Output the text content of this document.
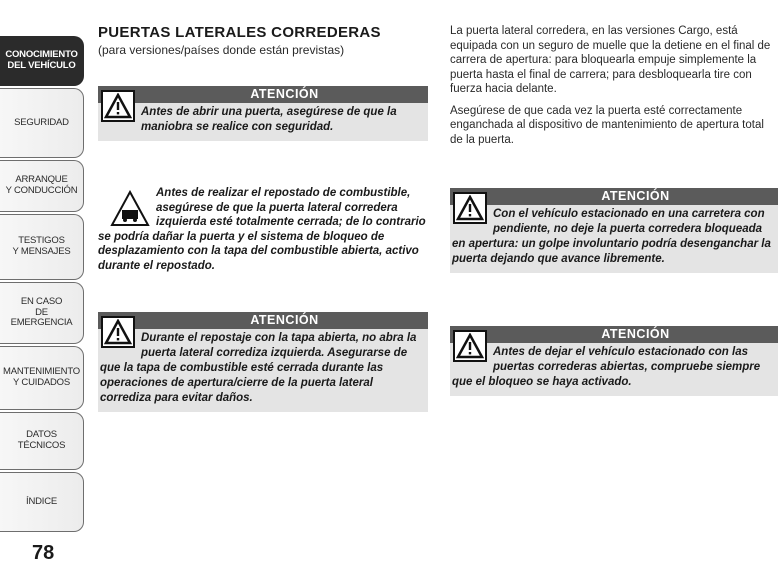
CONOCIMIENTO
DEL VEHÍCULO
SEGURIDAD
ARRANQUE
Y CONDUCCIÓN
TESTIGOS
Y MENSAJES
EN CASO
DE EMERGENCIA
MANTENIMIENTO
Y CUIDADOS
DATOS TÉCNICOS
ÍNDICE
78
PUERTAS LATERALES CORREDERAS
(para versiones/países donde están previstas)
ATENCIÓN

Antes de abrir una puerta, asegúrese de que la maniobra se realice con seguridad.

Antes de realizar el repostado de combustible, asegúrese de que la puerta lateral corredera izquierda esté totalmente cerrada; de lo contrario se podría dañar la puerta y el sistema de bloqueo de desplazamiento con la tapa del combustible abierta, activo durante el repostado.
ATENCIÓN

Durante el repostaje con la tapa abierta, no abra la puerta lateral corrediza izquierda. Asegurarse de que la tapa de combustible esté cerrada durante las operaciones de apertura/cierre de la puerta lateral corrediza para evitar daños.

La puerta lateral corredera, en las versiones Cargo, está equipada con un seguro de muelle que la detiene en el final de carrera de apertura: para bloquearla empuje simplemente la puerta hasta el final de carrera; para desbloquearla tire con fuerza hacia delante.

Asegúrese de que cada vez la puerta esté correctamente enganchada al dispositivo de mantenimiento de apertura total de la puerta.

ATENCIÓN

Con el vehículo estacionado en una carretera con pendiente, no deje la puerta corredera bloqueada en apertura: un golpe involuntario podría desenganchar la puerta dejando que avance libremente.

ATENCIÓN

Antes de dejar el vehículo estacionado con las puertas correderas abiertas, compruebe siempre que el bloqueo se haya activado.
